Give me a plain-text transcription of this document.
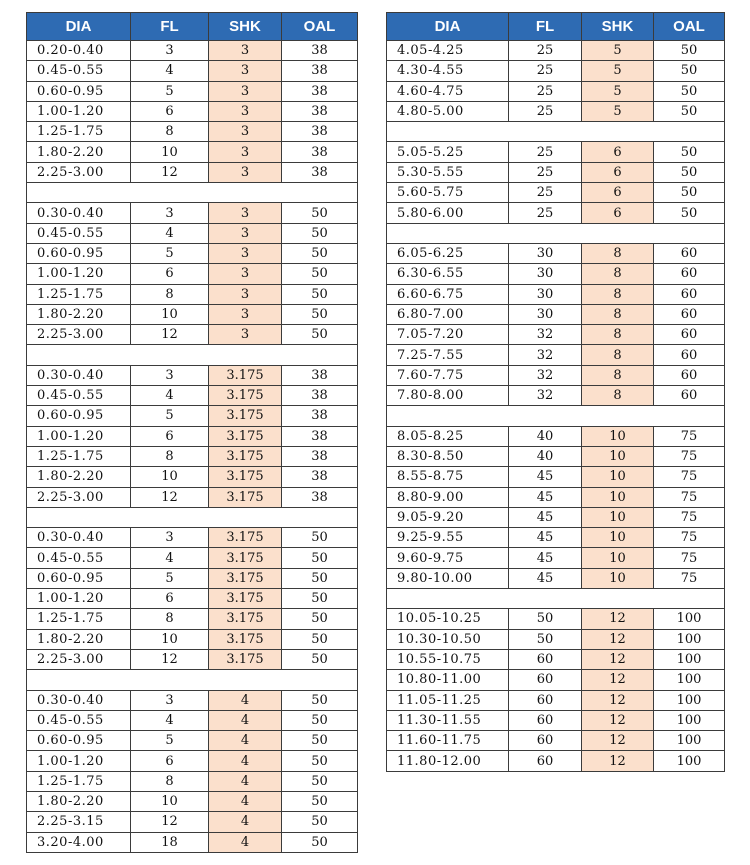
DIA	FL	SHK	OAL
0.20-0.40	3	3	38
0.45-0.55	4	3	38
0.60-0.95	5	3	38
1.00-1.20	6	3	38
1.25-1.75	8	3	38
1.80-2.20	10	3	38
2.25-3.00	12	3	38

0.30-0.40	3	3	50
0.45-0.55	4	3	50
0.60-0.95	5	3	50
1.00-1.20	6	3	50
1.25-1.75	8	3	50
1.80-2.20	10	3	50
2.25-3.00	12	3	50

0.30-0.40	3	3.175	38
0.45-0.55	4	3.175	38
0.60-0.95	5	3.175	38
1.00-1.20	6	3.175	38
1.25-1.75	8	3.175	38
1.80-2.20	10	3.175	38
2.25-3.00	12	3.175	38

0.30-0.40	3	3.175	50
0.45-0.55	4	3.175	50
0.60-0.95	5	3.175	50
1.00-1.20	6	3.175	50
1.25-1.75	8	3.175	50
1.80-2.20	10	3.175	50
2.25-3.00	12	3.175	50

0.30-0.40	3	4	50
0.45-0.55	4	4	50
0.60-0.95	5	4	50
1.00-1.20	6	4	50
1.25-1.75	8	4	50
1.80-2.20	10	4	50
2.25-3.15	12	4	50
3.20-4.00	18	4	50
DIA	FL	SHK	OAL
4.05-4.25	25	5	50
4.30-4.55	25	5	50
4.60-4.75	25	5	50
4.80-5.00	25	5	50

5.05-5.25	25	6	50
5.30-5.55	25	6	50
5.60-5.75	25	6	50
5.80-6.00	25	6	50

6.05-6.25	30	8	60
6.30-6.55	30	8	60
6.60-6.75	30	8	60
6.80-7.00	30	8	60
7.05-7.20	32	8	60
7.25-7.55	32	8	60
7.60-7.75	32	8	60
7.80-8.00	32	8	60

8.05-8.25	40	10	75
8.30-8.50	40	10	75
8.55-8.75	45	10	75
8.80-9.00	45	10	75
9.05-9.20	45	10	75
9.25-9.55	45	10	75
9.60-9.75	45	10	75
9.80-10.00	45	10	75

10.05-10.25	50	12	100
10.30-10.50	50	12	100
10.55-10.75	60	12	100
10.80-11.00	60	12	100
11.05-11.25	60	12	100
11.30-11.55	60	12	100
11.60-11.75	60	12	100
11.80-12.00	60	12	100
